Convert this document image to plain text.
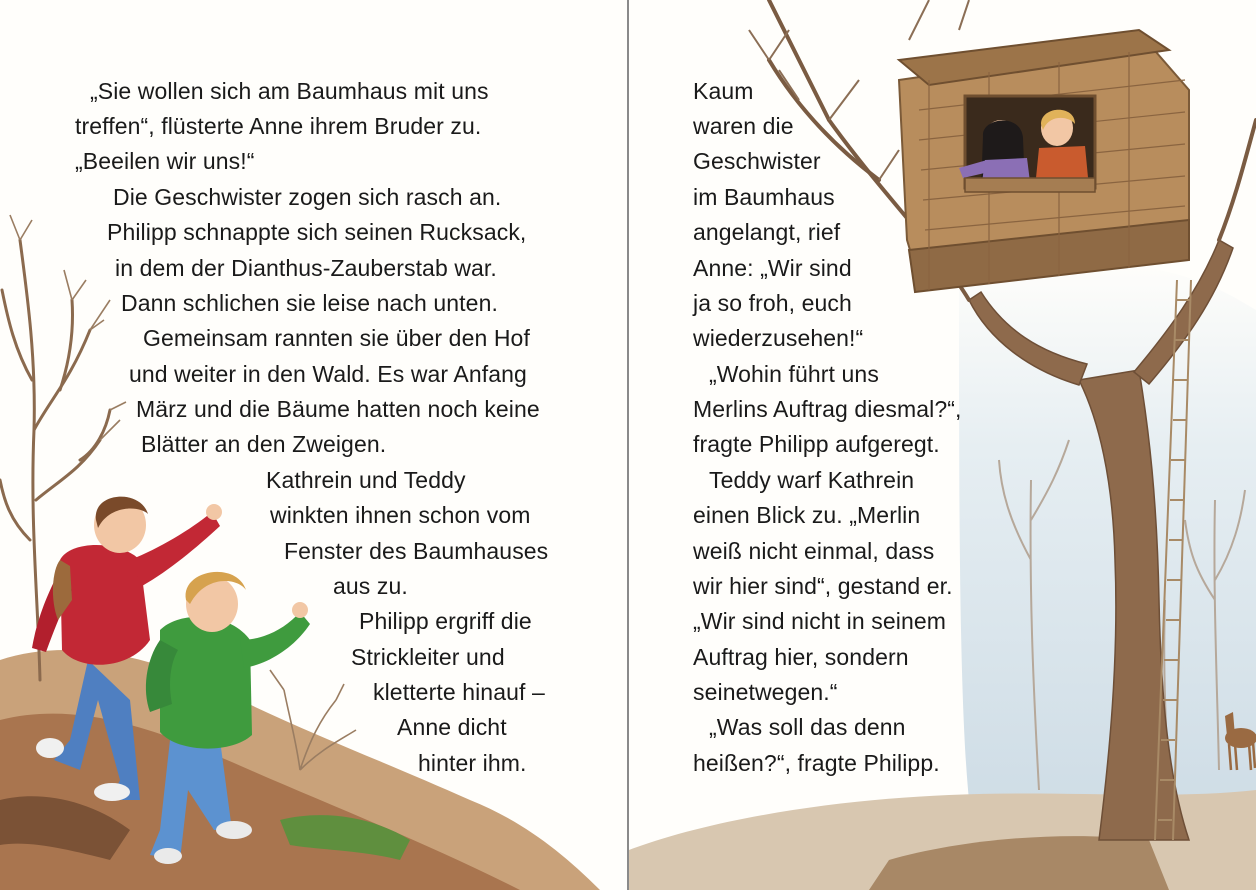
„Sie wollen sich am Baumhaus mit uns
treffen“, flüsterte Anne ihrem Bruder zu.
„Beeilen wir uns!“
Die Geschwister zogen sich rasch an.
Philipp schnappte sich seinen Rucksack,
in dem der Dianthus-Zauberstab war.
Dann schlichen sie leise nach unten.
Gemeinsam rannten sie über den Hof
und weiter in den Wald. Es war Anfang
März und die Bäume hatten noch keine
Blätter an den Zweigen.
Kathrein und Teddy
winkten ihnen schon vom
Fenster des Baumhauses
aus zu.
Philipp ergriff die
Strickleiter und
kletterte hinauf –
Anne dicht
hinter ihm.
Kaum
waren die
Geschwister
im Baumhaus
angelangt, rief
Anne: „Wir sind
ja so froh, euch
wiederzusehen!“
„Wohin führt uns
Merlins Auftrag diesmal?“,
fragte Philipp aufgeregt.
Teddy warf Kathrein
einen Blick zu. „Merlin
weiß nicht einmal, dass
wir hier sind“, gestand er.
„Wir sind nicht in seinem
Auftrag hier, sondern
seinetwegen.“
„Was soll das denn
heißen?“, fragte Philipp.
